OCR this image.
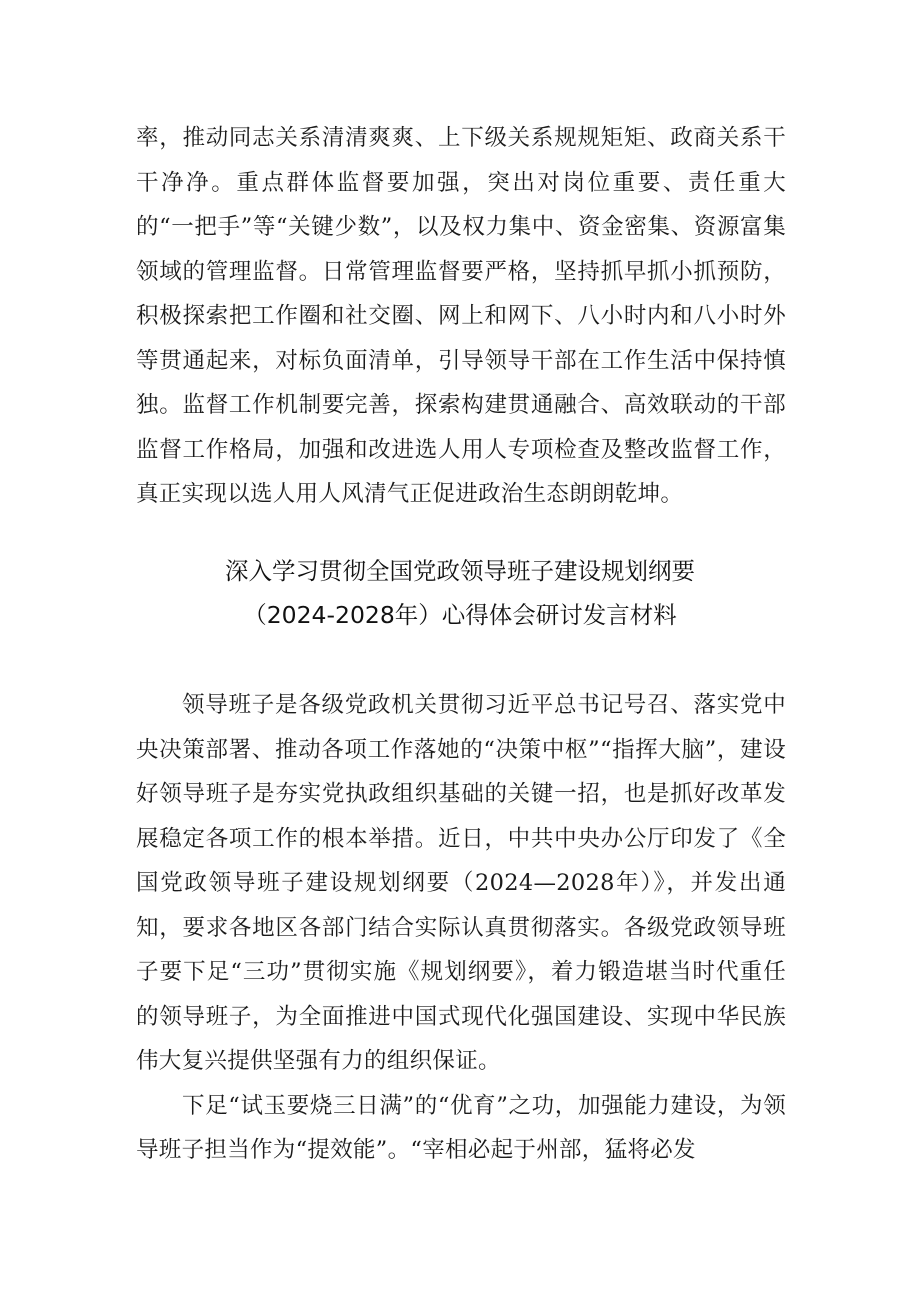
率，推动同志关系清清爽爽、上下级关系规规矩矩、政商关系干干净净。重点群体监督要加强，突出对岗位重要、责任重大的“一把手”等“关键少数”，以及权力集中、资金密集、资源富集领域的管理监督。日常管理监督要严格，坚持抓早抓小抓预防，积极探索把工作圈和社交圈、网上和网下、八小时内和八小时外等贯通起来，对标负面清单，引导领导干部在工作生活中保持慎独。监督工作机制要完善，探索构建贯通融合、高效联动的干部监督工作格局，加强和改进选人用人专项检查及整改监督工作，真正实现以选人用人风清气正促进政治生态朗朗乾坤。

深入学习贯彻全国党政领导班子建设规划纲要
（2024-2028年）心得体会研讨发言材料

领导班子是各级党政机关贯彻习近平总书记号召、落实党中央决策部署、推动各项工作落她的“决策中枢”“指挥大脑”，建设好领导班子是夯实党执政组织基础的关键一招，也是抓好改革发展稳定各项工作的根本举措。近日，中共中央办公厅印发了《全国党政领导班子建设规划纲要（2024—2028年）》，并发出通知，要求各地区各部门结合实际认真贯彻落实。各级党政领导班子要下足“三功”贯彻实施《规划纲要》，着力锻造堪当时代重任的领导班子，为全面推进中国式现代化强国建设、实现中华民族伟大复兴提供坚强有力的组织保证。

下足“试玉要烧三日满”的“优育”之功，加强能力建设，为领导班子担当作为“提效能”。“宰相必起于州部，猛将必发
